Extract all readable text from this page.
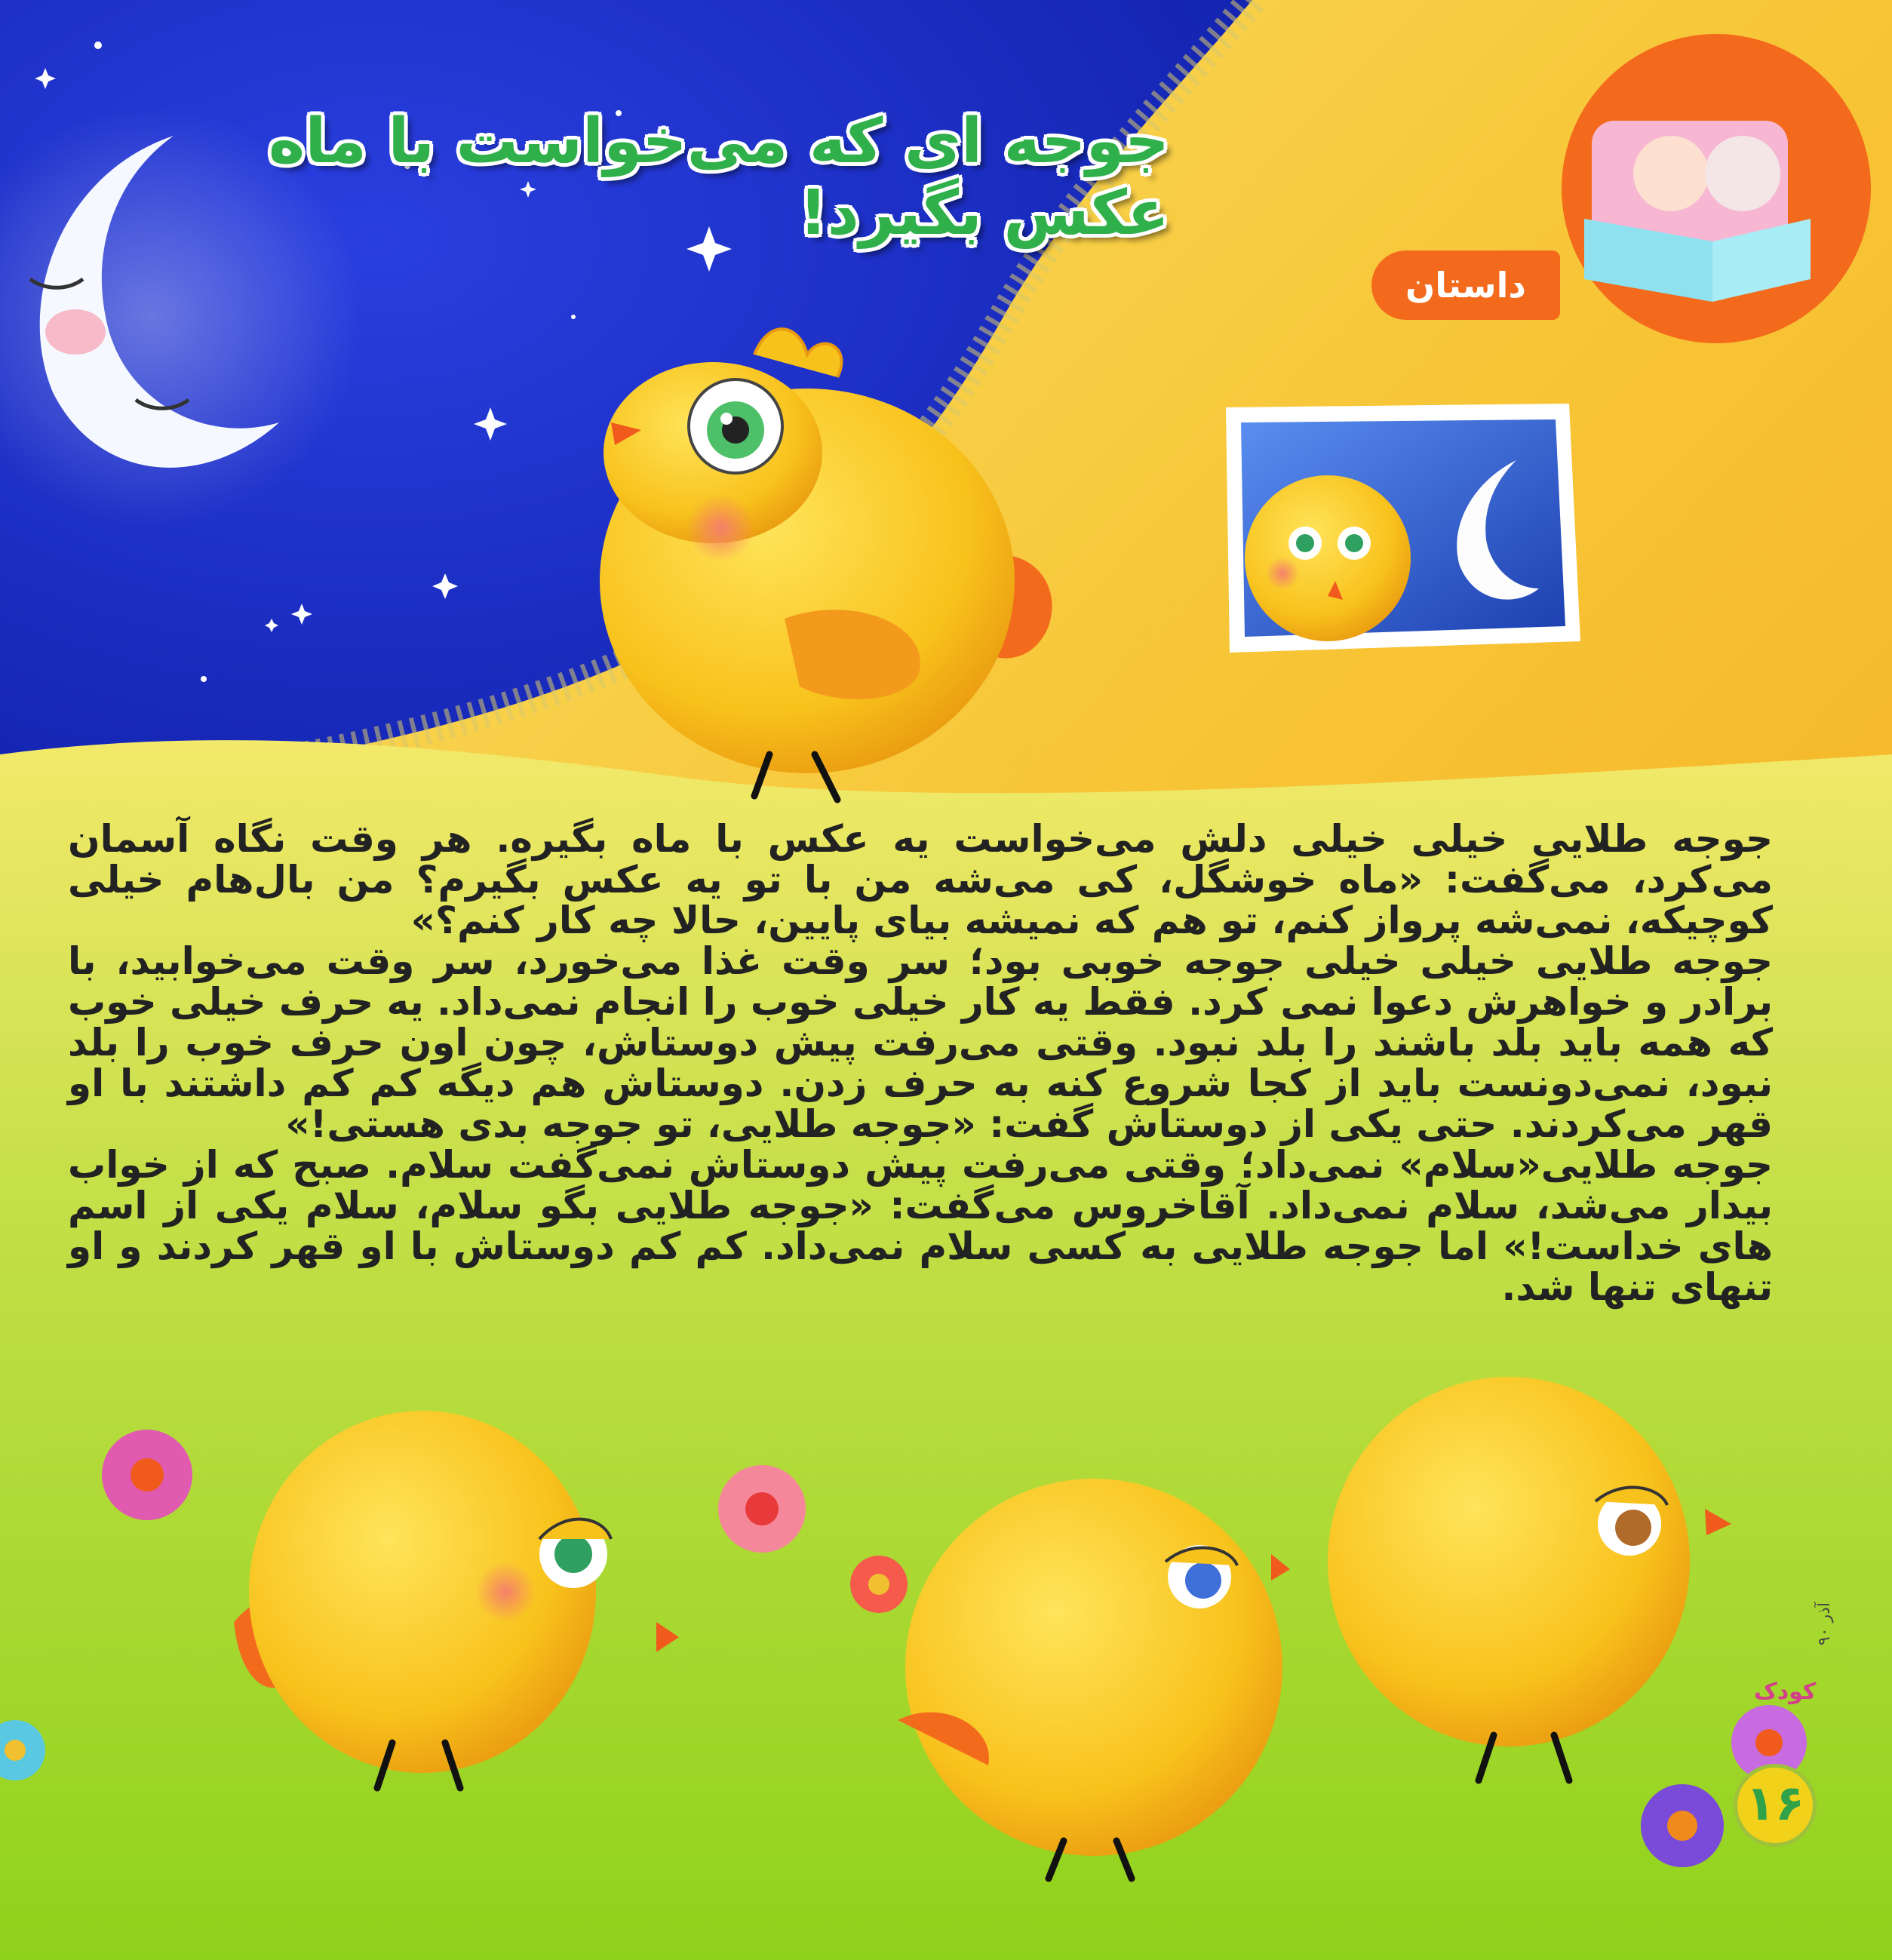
جوجه ای که می‌خواست با ماه عکس بگیرد!
داستان

جوجه طلایی خیلی خیلی دلش می‌خواست یه عکس با ماه بگیره. هر وقت نگاه آسمان می‌کرد، می‌گفت: «ماه خوشگل، کی می‌شه من با تو یه عکس بگیرم؟ من بال‌هام خیلی کوچیکه، نمی‌شه پرواز کنم، تو هم که نمیشه بیای پایین، حالا چه کار کنم؟»

جوجه طلایی خیلی خیلی جوجه خوبی بود؛ سر وقت غذا می‌خورد، سر وقت می‌خوابید، با برادر و خواهرش دعوا نمی کرد. فقط یه کار خیلی خوب را انجام نمی‌داد. یه حرف خیلی خوب که همه باید بلد باشند را بلد نبود. وقتی می‌رفت پیش دوستاش، چون اون حرف خوب را بلد نبود، نمی‌دونست باید از کجا شروع کنه به حرف زدن. دوستاش هم دیگه کم کم داشتند با او قهر می‌کردند. حتی یکی از دوستاش گفت: «جوجه طلایی، تو جوجه بدی هستی!»

جوجه طلایی«سلام» نمی‌داد؛ وقتی می‌رفت پیش دوستاش نمی‌گفت سلام. صبح که از خواب بیدار می‌شد، سلام نمی‌داد. آقاخروس می‌گفت: «جوجه طلایی بگو سلام، سلام یکی از اسم های خداست!» اما جوجه طلایی به کسی سلام نمی‌داد. کم کم دوستاش با او قهر کردند و او تنهای تنها شد.

آذر ۹۰
کودک
۱۶
